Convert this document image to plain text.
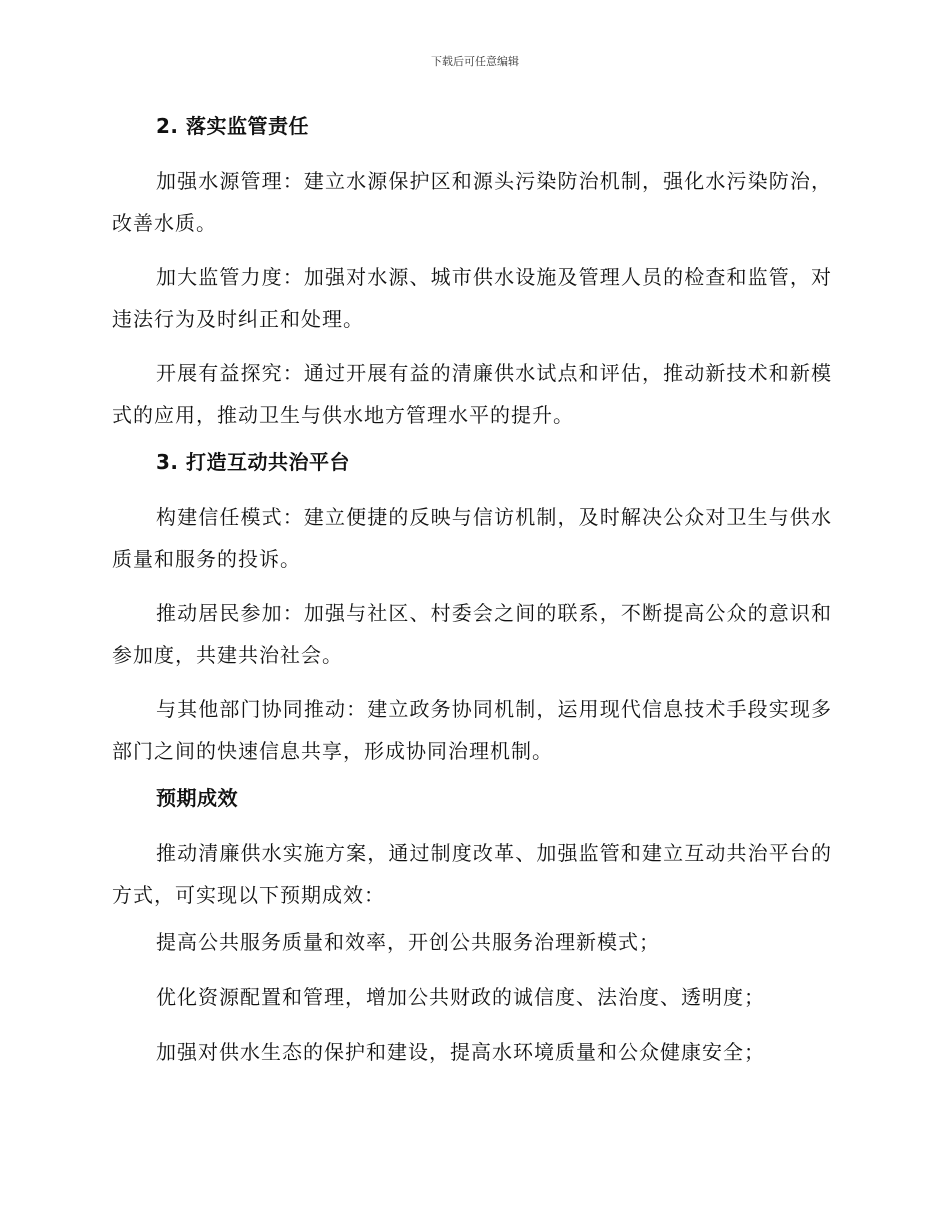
下载后可任意编辑
2. 落实监管责任

加强水源管理：建立水源保护区和源头污染防治机制，强化水污染防治，改善水质。

加大监管力度：加强对水源、城市供水设施及管理人员的检查和监管，对违法行为及时纠正和处理。

开展有益探究：通过开展有益的清廉供水试点和评估，推动新技术和新模式的应用，推动卫生与供水地方管理水平的提升。

3. 打造互动共治平台

构建信任模式：建立便捷的反映与信访机制，及时解决公众对卫生与供水质量和服务的投诉。

推动居民参加：加强与社区、村委会之间的联系，不断提高公众的意识和参加度，共建共治社会。

与其他部门协同推动：建立政务协同机制，运用现代信息技术手段实现多部门之间的快速信息共享，形成协同治理机制。

预期成效

推动清廉供水实施方案，通过制度改革、加强监管和建立互动共治平台的方式，可实现以下预期成效：

提高公共服务质量和效率，开创公共服务治理新模式；

优化资源配置和管理，增加公共财政的诚信度、法治度、透明度；

加强对供水生态的保护和建设，提高水环境质量和公众健康安全；
